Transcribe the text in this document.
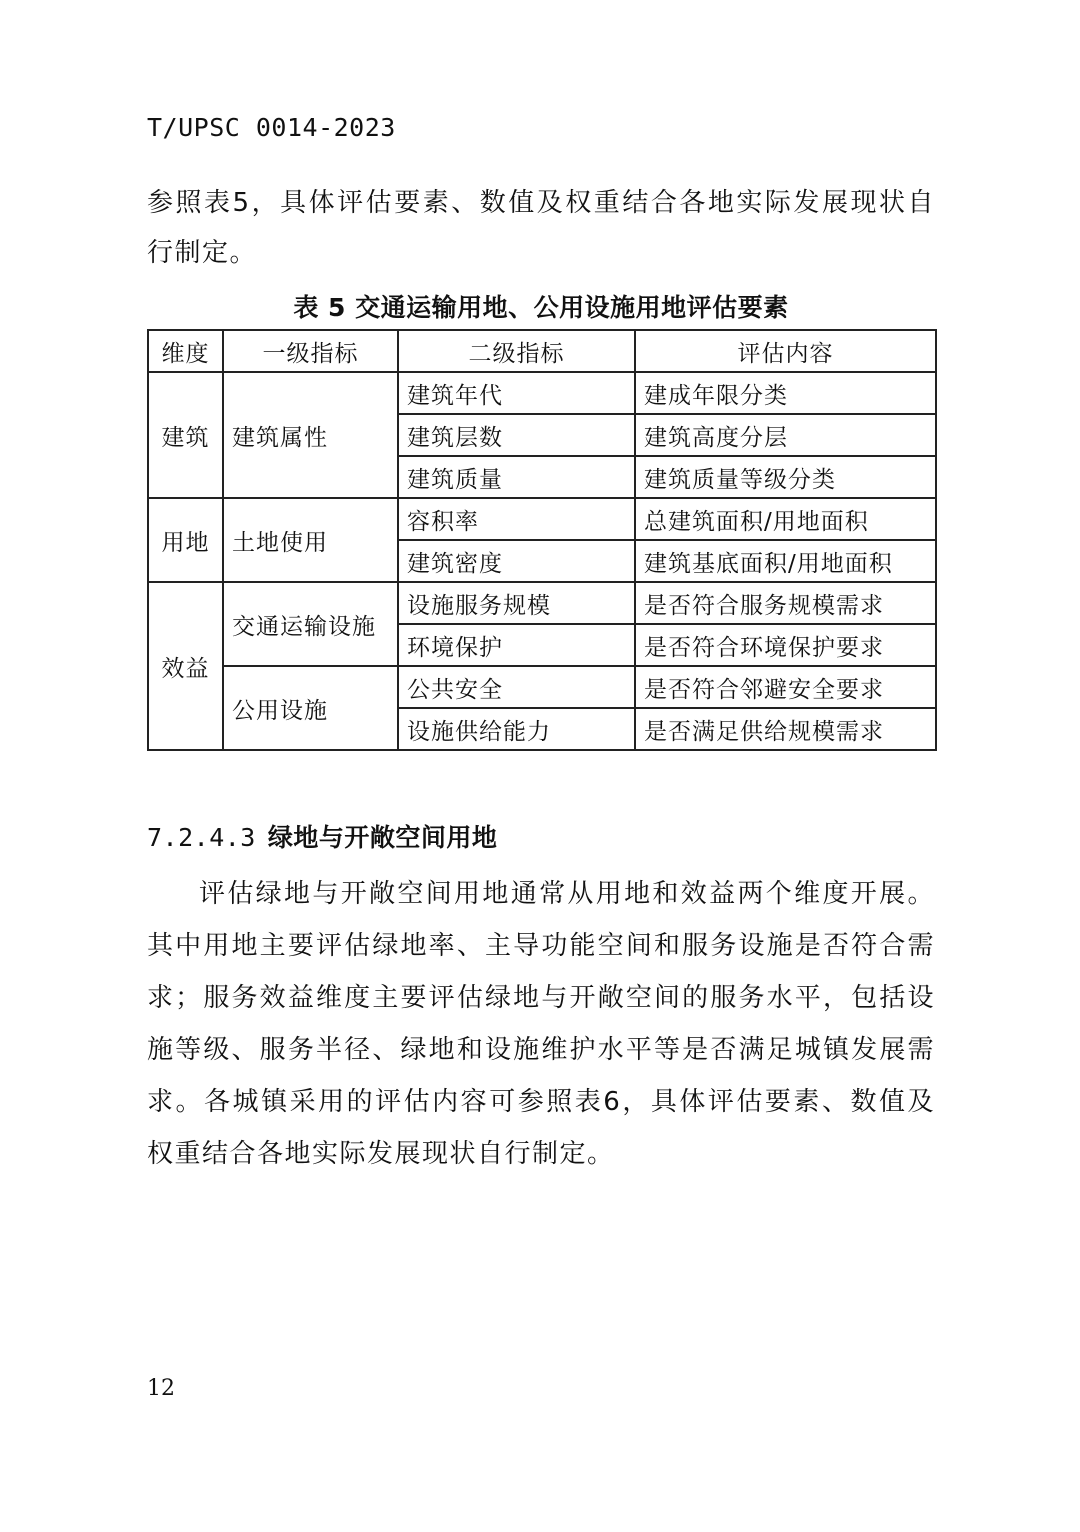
T/UPSC 0014-2023

参照表5，具体评估要素、数值及权重结合各地实际发展现状自行制定。

表 5 交通运输用地、公用设施用地评估要素
维度	一级指标	二级指标	评估内容
建筑	建筑属性	建筑年代	建成年限分类
		建筑层数	建筑高度分层
		建筑质量	建筑质量等级分类
用地	土地使用	容积率	总建筑面积/用地面积
		建筑密度	建筑基底面积/用地面积
效益	交通运输设施	设施服务规模	是否符合服务规模需求
		环境保护	是否符合环境保护要求
	公用设施	公共安全	是否符合邻避安全要求
		设施供给能力	是否满足供给规模需求
7.2.4.3 绿地与开敞空间用地

评估绿地与开敞空间用地通常从用地和效益两个维度开展。其中用地主要评估绿地率、主导功能空间和服务设施是否符合需求；服务效益维度主要评估绿地与开敞空间的服务水平，包括设施等级、服务半径、绿地和设施维护水平等是否满足城镇发展需求。各城镇采用的评估内容可参照表6，具体评估要素、数值及权重结合各地实际发展现状自行制定。

12
